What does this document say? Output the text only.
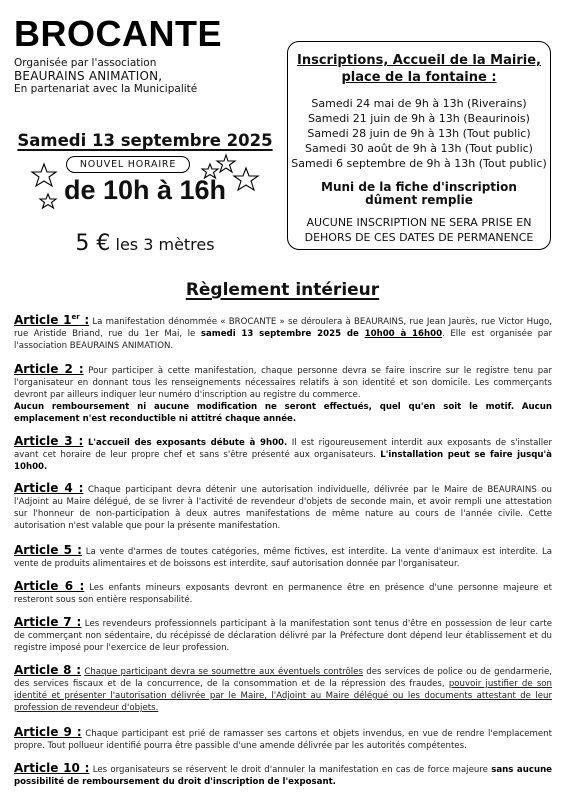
BROCANTE
Organisée par l'association
BEAURAINS ANIMATION,
En partenariat avec la Municipalité
Samedi 13 septembre 2025
NOUVEL HORAIRE
de 10h à 16h
5 € les 3 mètres
Inscriptions, Accueil de la Mairie,
place de la fontaine :
Samedi 24 mai de 9h à 13h (Riverains)
Samedi 21 juin de 9h à 13h (Beaurinois)
Samedi 28 juin de 9h à 13h (Tout public)
Samedi 30 août de 9h à 13h (Tout public)
Samedi 6 septembre de 9h à 13h (Tout public)
Muni de la fiche d'inscription
dûment remplie
AUCUNE INSCRIPTION NE SERA PRISE EN
DEHORS DE CES DATES DE PERMANENCE
Règlement intérieur
Article 1er : La manifestation dénommée « BROCANTE » se déroulera à BEAURAINS, rue Jean Jaurès, rue Victor Hugo, rue Aristide Briand, rue du 1er Mai, le samedi 13 septembre 2025 de 10h00 à 16h00. Elle est organisée par l'association BEAURAINS ANIMATION.
Article 2 : Pour participer à cette manifestation, chaque personne devra se faire inscrire sur le registre tenu par l'organisateur en donnant tous les renseignements nécessaires relatifs à son identité et son domicile. Les commerçants devront par ailleurs indiquer leur numéro d'inscription au registre du commerce.
Aucun remboursement ni aucune modification ne seront effectués, quel qu'en soit le motif. Aucun emplacement n'est reconductible ni attitré chaque année.
Article 3 : L'accueil des exposants débute à 9h00. Il est rigoureusement interdit aux exposants de s'installer avant cet horaire de leur propre chef et sans s'être présenté aux organisateurs. L'installation peut se faire jusqu'à 10h00.
Article 4 : Chaque participant devra détenir une autorisation individuelle, délivrée par le Maire de BEAURAINS ou l'Adjoint au Maire délégué, de se livrer à l'activité de revendeur d'objets de seconde main, et avoir rempli une attestation sur l'honneur de non-participation à deux autres manifestations de même nature au cours de l'année civile. Cette autorisation n'est valable que pour la présente manifestation.
Article 5 : La vente d'armes de toutes catégories, même fictives, est interdite. La vente d'animaux est interdite. La vente de produits alimentaires et de boissons est interdite, sauf autorisation donnée par l'organisateur.
Article 6 : Les enfants mineurs exposants devront en permanence être en présence d'une personne majeure et resteront sous son entière responsabilité.
Article 7 : Les revendeurs professionnels participant à la manifestation sont tenus d'être en possession de leur carte de commerçant non sédentaire, du récépissé de déclaration délivré par la Préfecture dont dépend leur établissement et du registre imposé pour l'exercice de leur profession.
Article 8 : Chaque participant devra se soumettre aux éventuels contrôles des services de police ou de gendarmerie, des services fiscaux et de la concurrence, de la consommation et de la répression des fraudes, pouvoir justifier de son identité et présenter l'autorisation délivrée par le Maire, l'Adjoint au Maire délégué ou les documents attestant de leur profession de revendeur d'objets.
Article 9 : Chaque participant est prié de ramasser ses cartons et objets invendus, en vue de rendre l'emplacement propre. Tout pollueur identifié pourra être passible d'une amende délivrée par les autorités compétentes.
Article 10 : Les organisateurs se réservent le droit d'annuler la manifestation en cas de force majeure sans aucune possibilité de remboursement du droit d'inscription de l'exposant.
